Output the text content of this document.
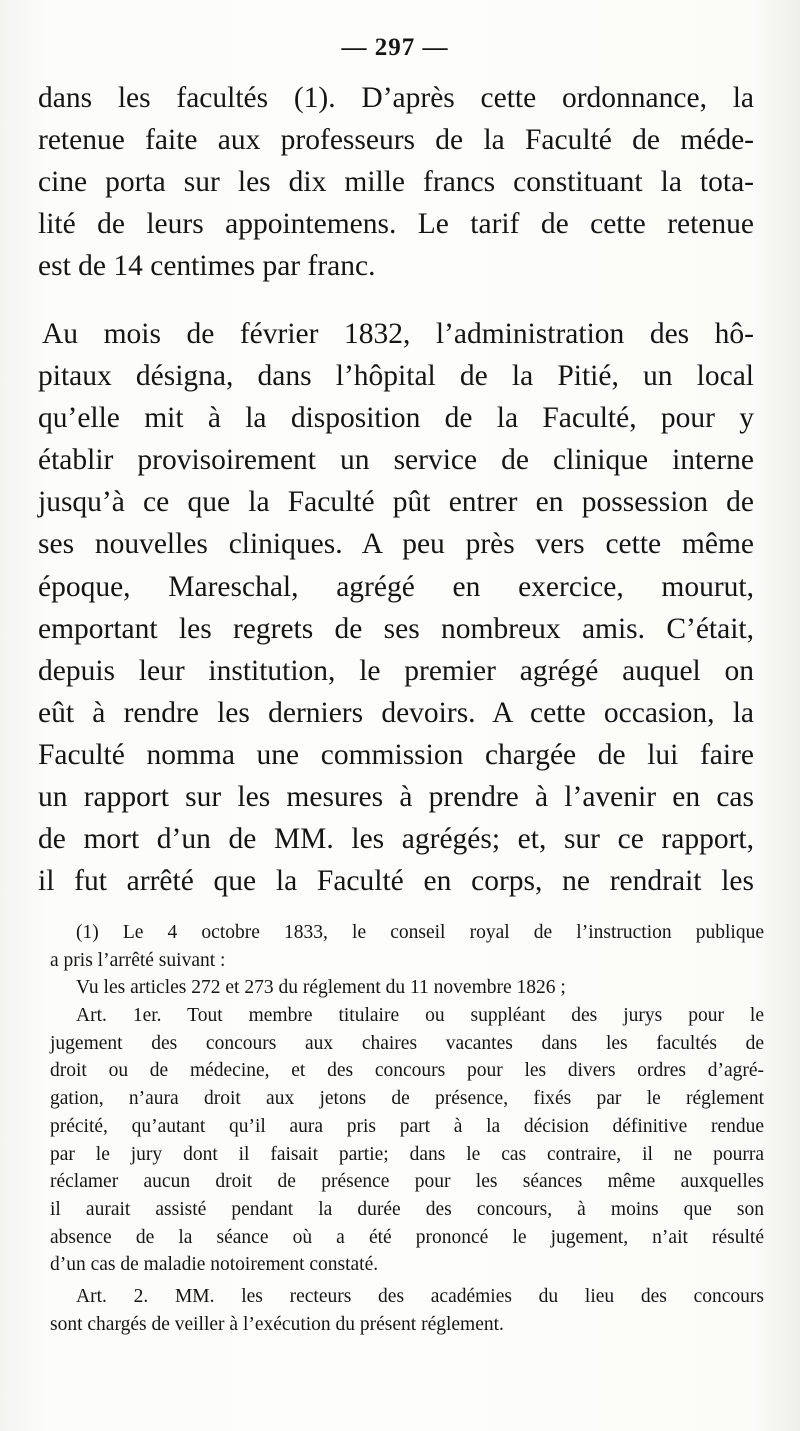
— 297 —
dans les facultés (1). D’après cette ordonnance, la
retenue faite aux professeurs de la Faculté de méde-
cine porta sur les dix mille francs constituant la tota-
lité de leurs appointemens. Le tarif de cette retenue
est de 14 centimes par franc.
Au mois de février 1832, l’administration des hô-
pitaux désigna, dans l’hôpital de la Pitié, un local
qu’elle mit à la disposition de la Faculté, pour y
établir provisoirement un service de clinique interne
jusqu’à ce que la Faculté pût entrer en possession de
ses nouvelles cliniques. A peu près vers cette même
époque, Mareschal, agrégé en exercice, mourut,
emportant les regrets de ses nombreux amis. C’était,
depuis leur institution, le premier agrégé auquel on
eût à rendre les derniers devoirs. A cette occasion, la
Faculté nomma une commission chargée de lui faire
un rapport sur les mesures à prendre à l’avenir en cas
de mort d’un de MM. les agrégés; et, sur ce rapport,
il fut arrêté que la Faculté en corps, ne rendrait les
(1) Le 4 octobre 1833, le conseil royal de l’instruction publique
a pris l’arrêté suivant :
Vu les articles 272 et 273 du réglement du 11 novembre 1826 ;
Art. 1er. Tout membre titulaire ou suppléant des jurys pour le
jugement des concours aux chaires vacantes dans les facultés de
droit ou de médecine, et des concours pour les divers ordres d’agré-
gation, n’aura droit aux jetons de présence, fixés par le réglement
précité, qu’autant qu’il aura pris part à la décision définitive rendue
par le jury dont il faisait partie; dans le cas contraire, il ne pourra
réclamer aucun droit de présence pour les séances même auxquelles
il aurait assisté pendant la durée des concours, à moins que son
absence de la séance où a été prononcé le jugement, n’ait résulté
d’un cas de maladie notoirement constaté.
Art. 2. MM. les recteurs des académies du lieu des concours
sont chargés de veiller à l’exécution du présent réglement.
